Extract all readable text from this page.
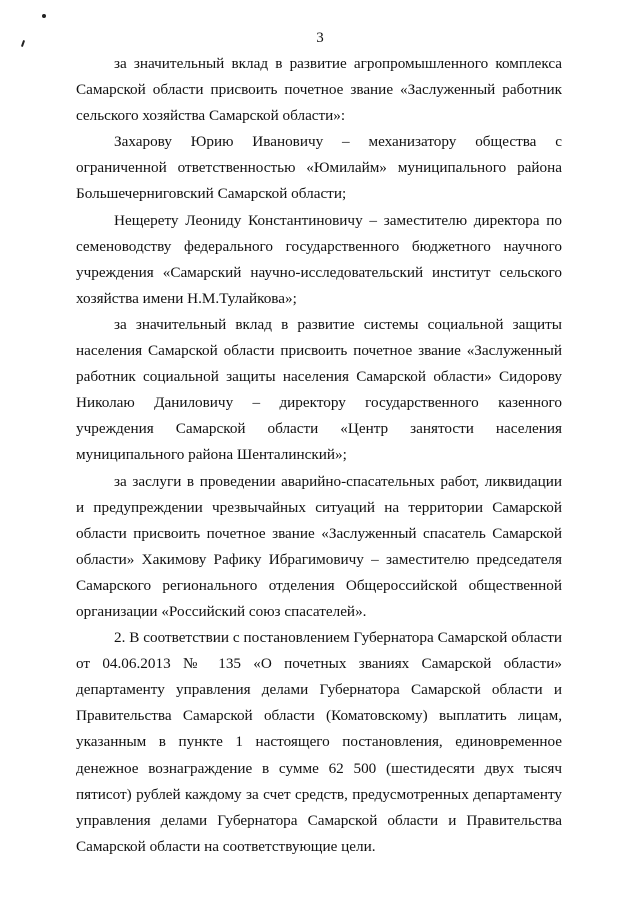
3

за значительный вклад в развитие агропромышленного комплекса Самарской области присвоить почетное звание «Заслуженный работник сельского хозяйства Самарской области»:

Захарову Юрию Ивановичу – механизатору общества с ограниченной ответственностью «Юмилайм» муниципального района Большечерниговский Самарской области;

Нещерету Леониду Константиновичу – заместителю директора по семеноводству федерального государственного бюджетного научного учреждения «Самарский научно-исследовательский институт сельского хозяйства имени Н.М.Тулайкова»;

за значительный вклад в развитие системы социальной защиты населения Самарской области присвоить почетное звание «Заслуженный работник социальной защиты населения Самарской области» Сидорову Николаю Даниловичу – директору государственного казенного учреждения Самарской области «Центр занятости населения муниципального района Шенталинский»;

за заслуги в проведении аварийно-спасательных работ, ликвидации и предупреждении чрезвычайных ситуаций на территории Самарской области присвоить почетное звание «Заслуженный спасатель Самарской области» Хакимову Рафику Ибрагимовичу – заместителю председателя Самарского регионального отделения Общероссийской общественной организации «Российский союз спасателей».

2. В соответствии с постановлением Губернатора Самарской области от 04.06.2013 № 135 «О почетных званиях Самарской области» департаменту управления делами Губернатора Самарской области и Правительства Самарской области (Коматовскому) выплатить лицам, указанным в пункте 1 настоящего постановления, единовременное денежное вознаграждение в сумме 62 500 (шестидесяти двух тысяч пятисот) рублей каждому за счет средств, предусмотренных департаменту управления делами Губернатора Самарской области и Правительства Самарской области на соответствующие цели.
